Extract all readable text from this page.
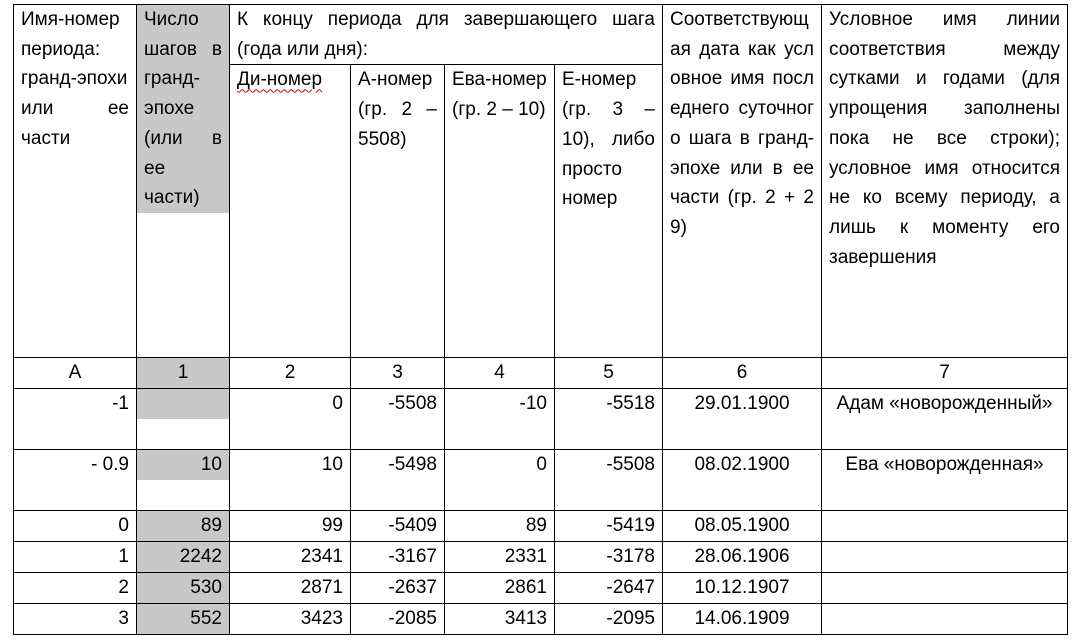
Имя-номер периода: гранд-эпохи или ее части	Число шагов в гранд-эпохе (или в ее части)	К концу периода для завершающего шага (года или дня):				Соответствующая дата как условное имя последнего суточного шага в гранд-эпохе или в ее части (гр. 2 + 29)	Условное имя линии соответствия между сутками и годами (для упрощения заполнены пока не все строки); условное имя относится не ко всему периоду, а лишь к моменту его завершения

		Ди-номер	А-номер (гр. 2 – 5508)	Ева-номер (гр. 2 – 10)	Е-номер (гр. 3 – 10), либо просто номер		

А	1	2	3	4	5	6	7
-1		0	-5508	-10	-5518	29.01.1900	Адам «новорожденный»
- 0.9	10	10	-5498	0	-5508	08.02.1900	Ева «новорожденная»
0	89	99	-5409	89	-5419	08.05.1900	
1	2242	2341	-3167	2331	-3178	28.06.1906	
2	530	2871	-2637	2861	-2647	10.12.1907	
3	552	3423	-2085	3413	-2095	14.06.1909	
